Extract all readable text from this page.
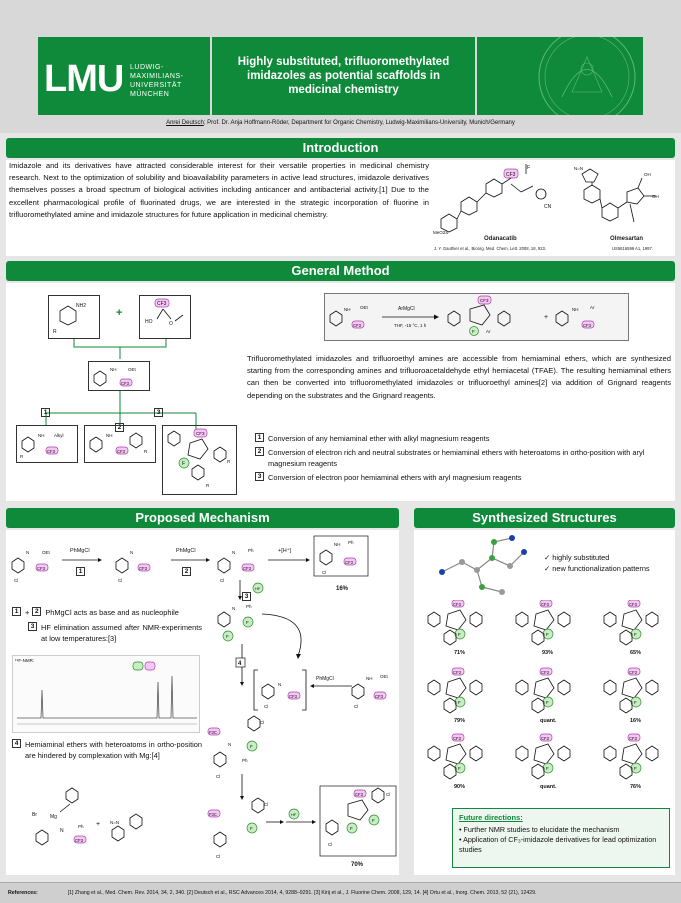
LMU LUDWIG-
MAXIMILIANS-
UNIVERSITÄT
MÜNCHEN
Highly substituted, trifluoromethylated imidazoles as potential scaffolds in medicinal chemistry
Anrei Deutsch; Prof. Dr. Anja Hoffmann-Röder, Department for Organic Chemistry, Ludwig-Maximilians-University, Munich/Germany
Introduction
Imidazole and its derivatives have attracted considerable interest for their versatile properties in medicinal chemistry research. Next to the optimization of solubility and bioavailability parameters in active lead structures, imidazole derivatives themselves posses a broad spectrum of biological activities including anticancer and antibacterial activity.[1] Due to the excellent pharmacological profile of fluorinated drugs, we are interested in the strategic incorporation of fluorine in trifluoromethylated amine and imidazole structures for future application in medicinal chemistry.
CF3
F
CN
MeO2S
Odanacatib
J. Y. Gauthier et al., Bioorg. Med. Chem. Lett. 2008, 18, 923.
N=N
OH
OH
Olmesartan
US5616599 A1, 1997.
General Method
NH2
R
+
CF3
HO	O
NH	OEt
CF3
1
2
3
NH Alkyl
CF3
R
NH
CF3	R
CF3
F	R
R
NH OEt
CF3
CF3
F	Ar
+
NH	Ar
CF3
ArMgCl
THF, -15 °C, 1 h
Trifluoromethylated imidazoles and trifluoroethyl amines are accessible from hemiaminal ethers, which are synthesized starting from the corresponding amines and trifluoroacetaldehyde ethyl hemiacetal (TFAE). The resulting hemiaminal ethers can then be converted into trifluoromethylated imidazoles or trifluoroethyl amines[2] via addition of Grignard reagents depending on the substrates and the Grignard reagents.
1 Conversion of any hemiaminal ether with alkyl magnesium reagents
2 Conversion of electron rich and neutral substrates or hemiaminal ethers with heteroatoms in ortho-position with aryl magnesium reagents
3 Conversion of electron poor hemiaminal ethers with aryl magnesium reagents
Proposed Mechanism
N	OEt
CF3
Cl
N
CF3
Cl
N	Ph
CF3
Cl
NH Ph
CF3
Cl
HF
PhMgCl
1
PhMgCl
2
+[H⁺]
3
16%
1 + 2 PhMgCl acts as base and as nucleophile
3 HF elimination assumed after NMR-experiments at low temperatures:[3]
¹⁹F-NMR:
4 Hemiaminal ethers with heteroatoms in ortho-position are hindered by complexation with Mg:[4]
Br	Mg
N
Ph
CF3
+ N=N
N Ph
F
F
4
N
CF3
Cl
PhMgCl	NH OEt
CF3
Cl
F3C
Cl
N	F
Ph
Cl
F3C
Cl
F
Cl
HF
CF3	Cl
F
F
Cl
70%
Synthesized Structures
✓ highly substituted
✓ new functionalization patterns
CF3
F
71%	93%	65%
79%	quant.	16%
90%	quant.	76%
Future directions:
• Further NMR studies to elucidate the mechanism
• Application of CF₃-imidazole derivatives for lead optimization studies
References:	[1] Zhang et al., Med. Chem. Rev. 2014, 34, 2, 340. [2] Deutsch et al., RSC Advances 2014, 4, 9288–9291. [3] Kirij et al., J. Fluorine Chem. 2008, 129, 14. [4] Ortu et al., Inorg. Chem. 2013, 52 (21), 12429.
